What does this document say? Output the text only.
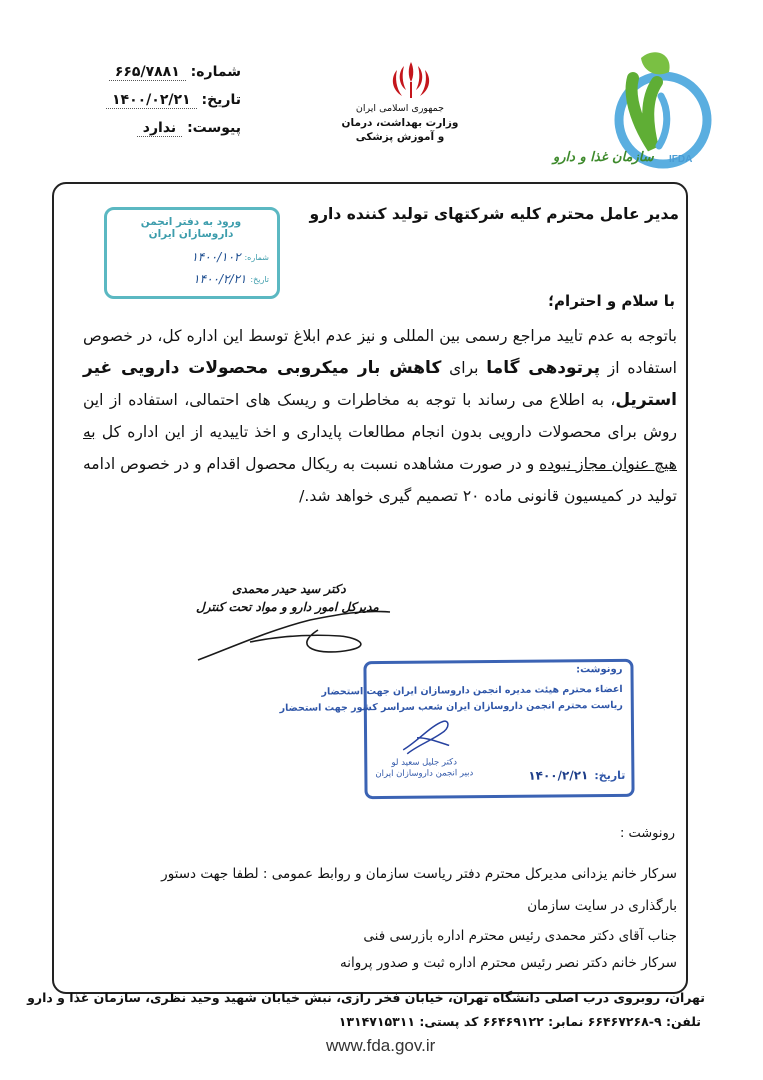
شماره: ۶۶۵/۷۸۸۱
تاریخ: ۱۴۰۰/۰۲/۲۱
پیوست: ندارد
جمهوری اسلامی ایران
وزارت بهداشت، درمان
و آموزش پزشکی
سازمان غذا و دارو IFDA
مدیر عامل محترم کلیه شرکتهای تولید کننده دارو
ورود به دفتر انجمن داروسازان ایران
شماره:
۱۴۰۰/۱۰۲
تاریخ:
۱۴۰۰/۲/۲۱
با سلام و احترام؛
باتوجه به عدم تایید مراجع رسمی بین المللی و نیز عدم ابلاغ توسط این اداره کل، در خصوص استفاده از پرتودهی گاما برای کاهش بار میکروبی محصولات دارویی غیر استریل، به اطلاع می رساند با توجه به مخاطرات و ریسک های احتمالی، استفاده از این روش برای محصولات دارویی بدون انجام مطالعات پایداری و اخذ تاییدیه از این اداره کل به هیچ عنوان مجاز نبوده و در صورت مشاهده نسبت به ریکال محصول اقدام و در خصوص ادامه تولید در کمیسیون قانونی ماده ۲۰ تصمیم گیری خواهد شد./
دکتر سید حیدر محمدی
مدیرکل امور دارو و مواد تحت کنترل
رونوشت:
اعضاء محترم هیئت مدیره انجمن داروسازان ایران جهت استحضار
ریاست محترم انجمن داروسازان ایران شعب سراسر کشور جهت استحضار
تاریخ:
۱۴۰۰/۲/۲۱
دکتر جلیل سعید لو
دبیر انجمن داروسازان ایران
رونوشت :
سرکار خانم یزدانی مدیرکل محترم دفتر ریاست سازمان و روابط عمومی : لطفا جهت دستور
بارگذاری در سایت سازمان
جناب آقای دکتر محمدی رئیس محترم اداره بازرسی فنی
سرکار خانم دکتر نصر رئیس محترم اداره ثبت و صدور پروانه
تهران، روبروی درب اصلی دانشگاه تهران، خیابان فخر رازی، نبش خیابان شهید وحید نظری، سازمان غذا و دارو
تلفن: ۹-۶۶۴۶۷۲۶۸ نمابر: ۶۶۴۶۹۱۲۲ کد پستی: ۱۳۱۴۷۱۵۳۱۱
www.fda.gov.ir
